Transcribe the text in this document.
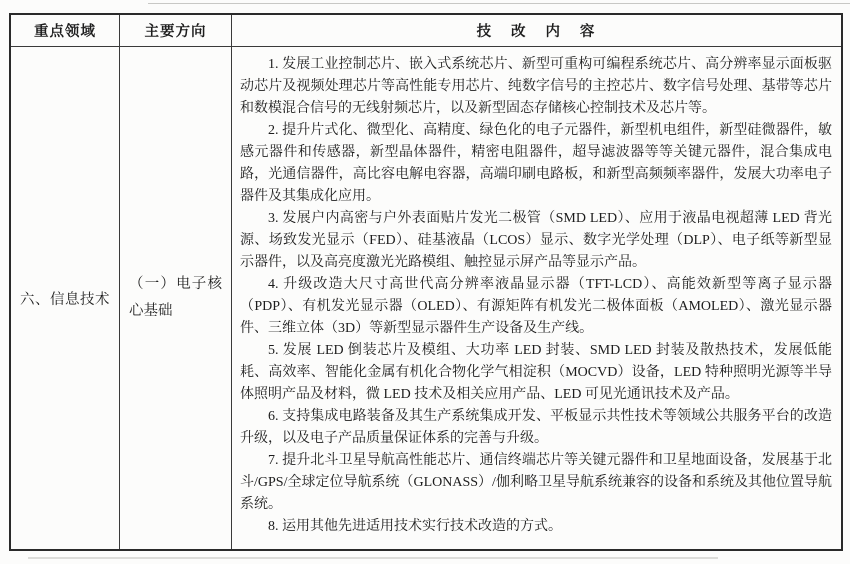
重点领域	主要方向	技 改 内 容
六、信息技术
（一）电子核心基础

1. 发展工业控制芯片、嵌入式系统芯片、新型可重构可编程系统芯片、高分辨率显示面板驱动芯片及视频处理芯片等高性能专用芯片、纯数字信号的主控芯片、数字信号处理、基带等芯片和数模混合信号的无线射频芯片，以及新型固态存储核心控制技术及芯片等。

2. 提升片式化、微型化、高精度、绿色化的电子元器件，新型机电组件，新型硅微器件，敏感元器件和传感器，新型晶体器件，精密电阻器件，超导滤波器等等关键元器件，混合集成电路，光通信器件，高比容电解电容器，高端印刷电路板，和新型高频频率器件，发展大功率电子器件及其集成化应用。

3. 发展户内高密与户外表面贴片发光二极管（SMD LED）、应用于液晶电视超薄 LED 背光源、场致发光显示（FED）、硅基液晶（LCOS）显示、数字光学处理（DLP）、电子纸等新型显示器件，以及高亮度激光光路模组、触控显示屏产品等显示产品。

4. 升级改造大尺寸高世代高分辨率液晶显示器（TFT-LCD）、高能效新型等离子显示器（PDP）、有机发光显示器（OLED）、有源矩阵有机发光二极体面板（AMOLED）、激光显示器件、三维立体（3D）等新型显示器件生产设备及生产线。

5. 发展 LED 倒装芯片及模组、大功率 LED 封装、SMD LED 封装及散热技术，发展低能耗、高效率、智能化金属有机化合物化学气相淀积（MOCVD）设备，LED 特种照明光源等半导体照明产品及材料，微 LED 技术及相关应用产品、LED 可见光通讯技术及产品。

6. 支持集成电路装备及其生产系统集成开发、平板显示共性技术等领域公共服务平台的改造升级，以及电子产品质量保证体系的完善与升级。

7. 提升北斗卫星导航高性能芯片、通信终端芯片等关键元器件和卫星地面设备，发展基于北斗/GPS/全球定位导航系统（GLONASS）/伽利略卫星导航系统兼容的设备和系统及其他位置导航系统。

8. 运用其他先进适用技术实行技术改造的方式。
